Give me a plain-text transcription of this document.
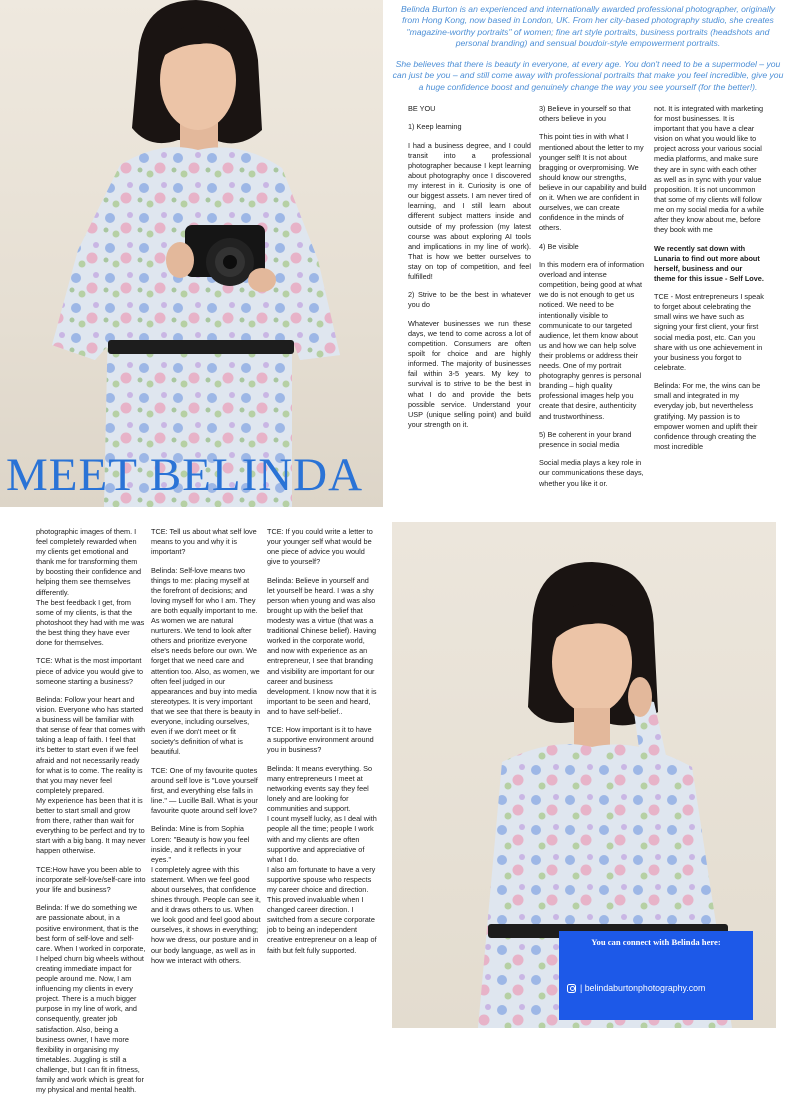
MEET BELINDA

Belinda Burton is an experienced and internationally awarded professional photographer, originally from Hong Kong, now based in London, UK. From her city-based photography studio, she creates "magazine-worthy portraits" of women; fine art style portraits, business portraits (headshots and personal branding) and sensual boudoir-style empowerment portraits.

She believes that there is beauty in everyone, at every age. You don't need to be a supermodel – you can just be you – and still come away with professional portraits that make you feel incredible, give you a huge confidence boost and genuinely change the way you see yourself (for the better!).

BE YOU

1) Keep learning

I had a business degree, and I could transit into a professional photographer because I kept learning about photography once I discovered my interest in it. Curiosity is one of our biggest assets. I am never tired of learning, and I still learn about different subject matters inside and outside of my profession (my latest course was about exploring AI tools and implications in my line of work). That is how we better ourselves to stay on top of competition, and feel fulfilled!

2) Strive to be the best in whatever you do

Whatever businesses we run these days, we tend to come across a lot of competition. Consumers are often spoilt for choice and are highly informed. The majority of businesses fail within 3-5 years. My key to survival is to strive to be the best in what I do and provide the bets possible service. Understand your USP (unique selling point) and build your strength on it.

3) Believe in yourself so that others believe in you

This point ties in with what I mentioned about the letter to my younger self! It is not about bragging or overpromising. We should know our strengths, believe in our capability and build on it. When we are confident in ourselves, we can create confidence in the minds of others.

4) Be visible

In this modern era of information overload and intense competition, being good at what we do is not enough to get us noticed. We need to be intentionally visible to communicate to our targeted audience, let them know about us and how we can help solve their problems or address their needs. One of my portrait photography genres is personal branding – high quality professional images help you create that desire, authenticity and trustworthiness.

5) Be coherent in your brand presence in social media

Social media plays a key role in our communications these days, whether you like it or.

not. It is integrated with marketing for most businesses. It is important that you have a clear vision on what you would like to project across your various social media platforms, and make sure they are in sync with each other as well as in sync with your value proposition. It is not uncommon that some of my clients will follow me on my social media for a while after they know about me, before they book with me

We recently sat down with Lunaria to find out more about herself, business and our theme for this issue - Self Love.

TCE - Most entrepreneurs I speak to forget about celebrating the small wins we have such as signing your first client, your first social media post, etc. Can you share with us one achievement in your business you forgot to celebrate.

Belinda: For me, the wins can be small and integrated in my everyday job, but nevertheless gratifying. My passion is to empower women and uplift their confidence through creating the most incredible

photographic images of them. I feel completely rewarded when my clients get emotional and thank me for transforming them by boosting their confidence and helping them see themselves differently.
The best feedback I get, from some of my clients, is that the photoshoot they had with me was the best thing they have ever done for themselves.

TCE: What is the most important piece of advice you would give to someone starting a business?

Belinda: Follow your heart and vision. Everyone who has started a business will be familiar with that sense of fear that comes with taking a leap of faith. I feel that it's better to start even if we feel afraid and not necessarily ready for what is to come. The reality is that you may never feel completely prepared.
My experience has been that it is better to start small and grow from there, rather than wait for everything to be perfect and try to start with a big bang. It may never happen otherwise.

TCE:How have you been able to incorporate self-love/self-care into your life and business?

Belinda: If we do something we are passionate about, in a positive environment, that is the best form of self-love and self-care. When I worked in corporate, I helped churn big wheels without creating immediate impact for people around me. Now, I am influencing my clients in every project. There is a much bigger purpose in my line of work, and consequently, greater job satisfaction. Also, being a business owner, I have more flexibility in organising my timetables. Juggling is still a challenge, but I can fit in fitness, family and work which is great for my physical and mental health.

TCE: Tell us about what self love means to you and why it is important?

Belinda: Self-love means two things to me: placing myself at the forefront of decisions; and loving myself for who I am. They are both equally important to me. As women we are natural nurturers. We tend to look after others and prioritize everyone else's needs before our own. We forget that we need care and attention too. Also, as women, we often feel judged in our appearances and buy into media stereotypes. It is very important that we see that there is beauty in everyone, including ourselves, even if we don't meet or fit society's definition of what is beautiful.

TCE: One of my favourite quotes around self love is "Love yourself first, and everything else falls in line." — Lucille Ball. What is your favourite quote around self love?

Belinda: Mine is from Sophia Loren: "Beauty is how you feel inside, and it reflects in your eyes."
I completely agree with this statement. When we feel good about ourselves, that confidence shines through. People can see it, and it draws others to us. When we look good and feel good about ourselves, it shows in everything; how we dress, our posture and in our body language, as well as in how we interact with others.

TCE: If you could write a letter to your younger self what would be one piece of advice you would give to yourself?

Belinda: Believe in yourself and let yourself be heard. I was a shy person when young and was also brought up with the belief that modesty was a virtue (that was a traditional Chinese belief). Having worked in the corporate world, and now with experience as an entrepreneur, I see that branding and visibility are important for our career and business development. I know now that it is important to be seen and heard, and to have self-belief..

TCE: How important is it to have a supportive environment around you in business?

Belinda: It means everything. So many entrepreneurs I meet at networking events say they feel lonely and are looking for communities and support.
I count myself lucky, as I deal with people all the time; people I work with and my clients are often supportive and appreciative of what I do.
I also am fortunate to have a very supportive spouse who respects my career choice and direction. This proved invaluable when I changed career direction. I switched from a secure corporate job to being an independent creative entrepreneur on a leap of faith but felt fully supported.

You can connect with Belinda here:
| belindaburtonphotography.com
